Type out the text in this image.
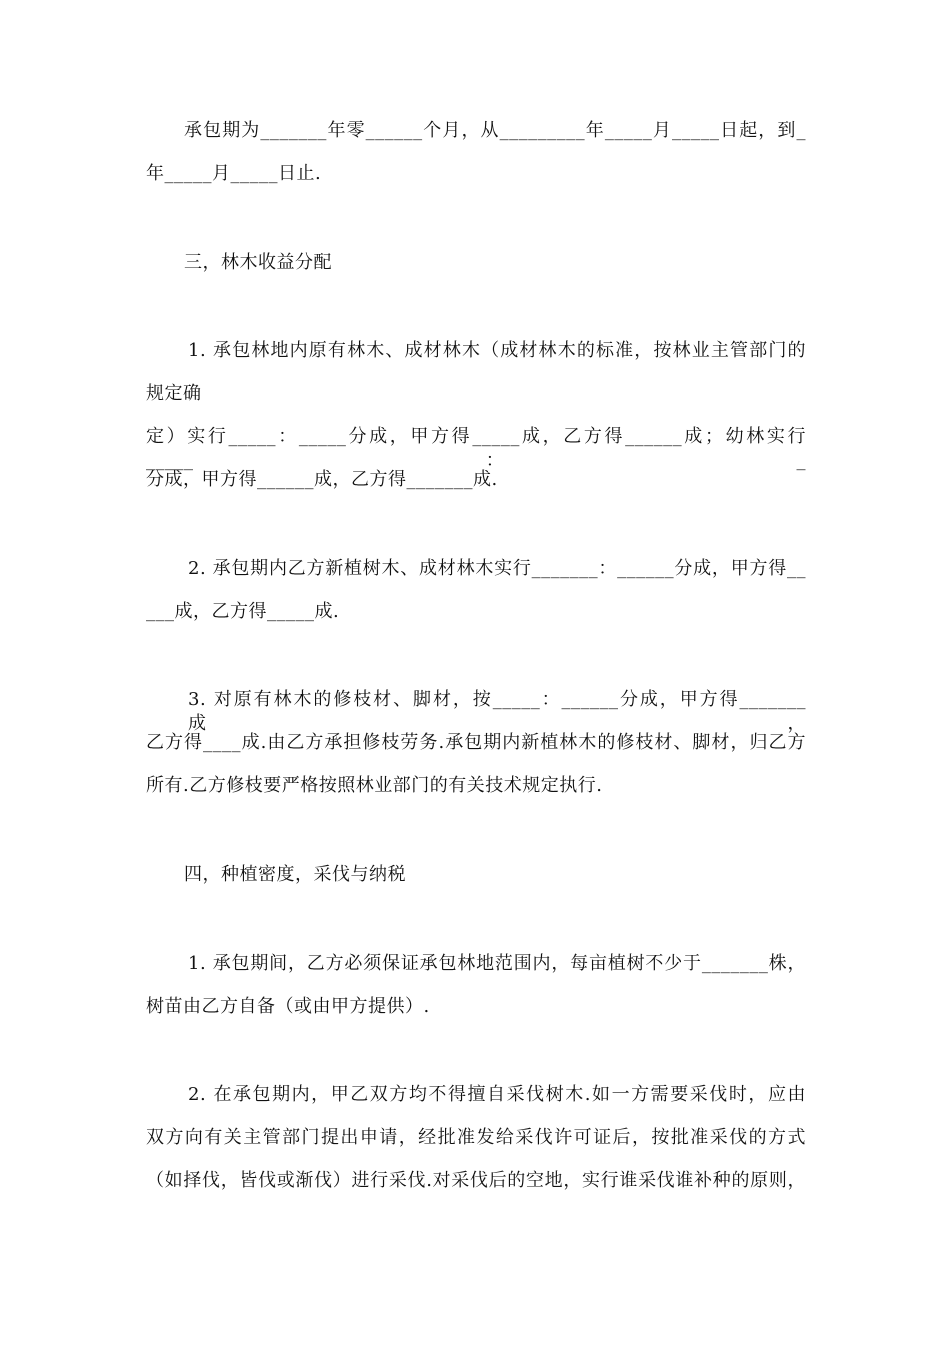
承包期为_______年零______个月，从_________年_____月_____日起，到_
年_____月_____日止.
三，林木收益分配
1. 承包林地内原有林木、成材林木（成材林木的标准，按林业主管部门的
规定确
定）实行_____：_____分成，甲方得_____成，乙方得______成；幼林实行_____：_
分成，甲方得______成，乙方得_______成.
2. 承包期内乙方新植树木、成材林木实行_______：______分成，甲方得__
___成，乙方得_____成.
3. 对原有林木的修枝材、脚材，按_____：______分成，甲方得_______成，
乙方得____成.由乙方承担修枝劳务.承包期内新植林木的修枝材、脚材，归乙方
所有.乙方修枝要严格按照林业部门的有关技术规定执行.
四，种植密度，采伐与纳税
1. 承包期间，乙方必须保证承包林地范围内，每亩植树不少于_______株，
树苗由乙方自备（或由甲方提供）.
2. 在承包期内，甲乙双方均不得擅自采伐树木.如一方需要采伐时，应由
双方向有关主管部门提出申请，经批准发给采伐许可证后，按批准采伐的方式
（如择伐，皆伐或渐伐）进行采伐.对采伐后的空地，实行谁采伐谁补种的原则，
